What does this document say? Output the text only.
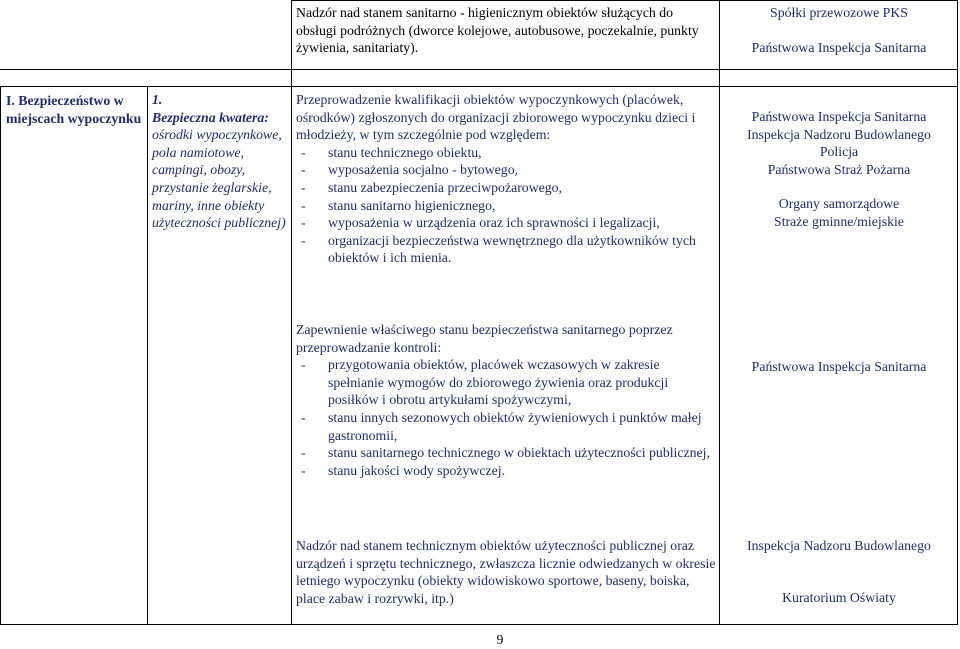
Nadzór nad stanem sanitarno - higienicznym obiektów służących do obsługi podróżnych (dworce kolejowe, autobusowe, poczekalnie, punkty żywienia, sanitariaty).
Spółki przewozowe PKS
Państwowa Inspekcja Sanitarna
I. Bezpieczeństwo w miejscach wypoczynku
1.
Bezpieczna kwatera:
ośrodki wypoczynkowe, pola namiotowe, campingi, obozy, przystanie żeglarskie, mariny, inne obiekty użyteczności publicznej)
Przeprowadzenie kwalifikacji obiektów wypoczynkowych (placówek, ośrodków) zgłoszonych do organizacji zbiorowego wypoczynku dzieci i młodzieży, w tym szczególnie pod względem:
- stanu technicznego obiektu,
- wyposażenia socjalno - bytowego,
- stanu zabezpieczenia przeciwpożarowego,
- stanu sanitarno higienicznego,
- wyposażenia w urządzenia oraz ich sprawności i legalizacji,
- organizacji bezpieczeństwa wewnętrznego dla użytkowników tych obiektów i ich mienia.
Państwowa Inspekcja Sanitarna
Inspekcja Nadzoru Budowlanego
Policja
Państwowa Straż Pożarna
Organy samorządowe
Straże gminne/miejskie
Zapewnienie właściwego stanu bezpieczeństwa sanitarnego poprzez przeprowadzanie kontroli:
- przygotowania obiektów, placówek wczasowych w zakresie spełnianie wymogów do zbiorowego żywienia oraz produkcji posiłków i obrotu artykułami spożywczymi,
- stanu innych sezonowych obiektów żywieniowych i punktów małej gastronomii,
- stanu sanitarnego technicznego w obiektach użyteczności publicznej,
- stanu jakości wody spożywczej.
Państwowa Inspekcja Sanitarna
Nadzór nad stanem technicznym obiektów użyteczności publicznej oraz urządzeń i sprzętu technicznego, zwłaszcza licznie odwiedzanych w okresie letniego wypoczynku (obiekty widowiskowo sportowe, baseny, boiska, place zabaw i rozrywki, itp.)
Inspekcja Nadzoru Budowlanego
Kuratorium Oświaty
9
